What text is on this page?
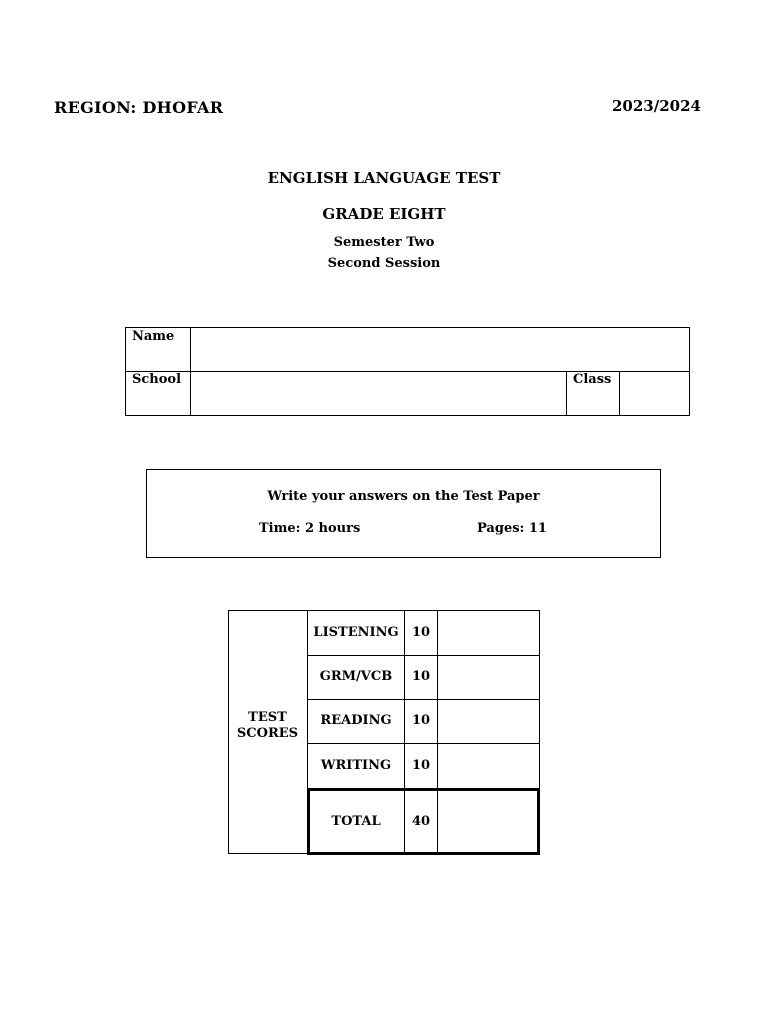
REGION: DHOFAR	2023/2024
ENGLISH LANGUAGE TEST
GRADE EIGHT
Semester Two
Second Session
Name
School	Class
Write your answers on the Test Paper
Time: 2 hours	Pages: 11
TEST
SCORES
LISTENING	10
GRM/VCB	10
READING	10
WRITING	10
TOTAL	40
